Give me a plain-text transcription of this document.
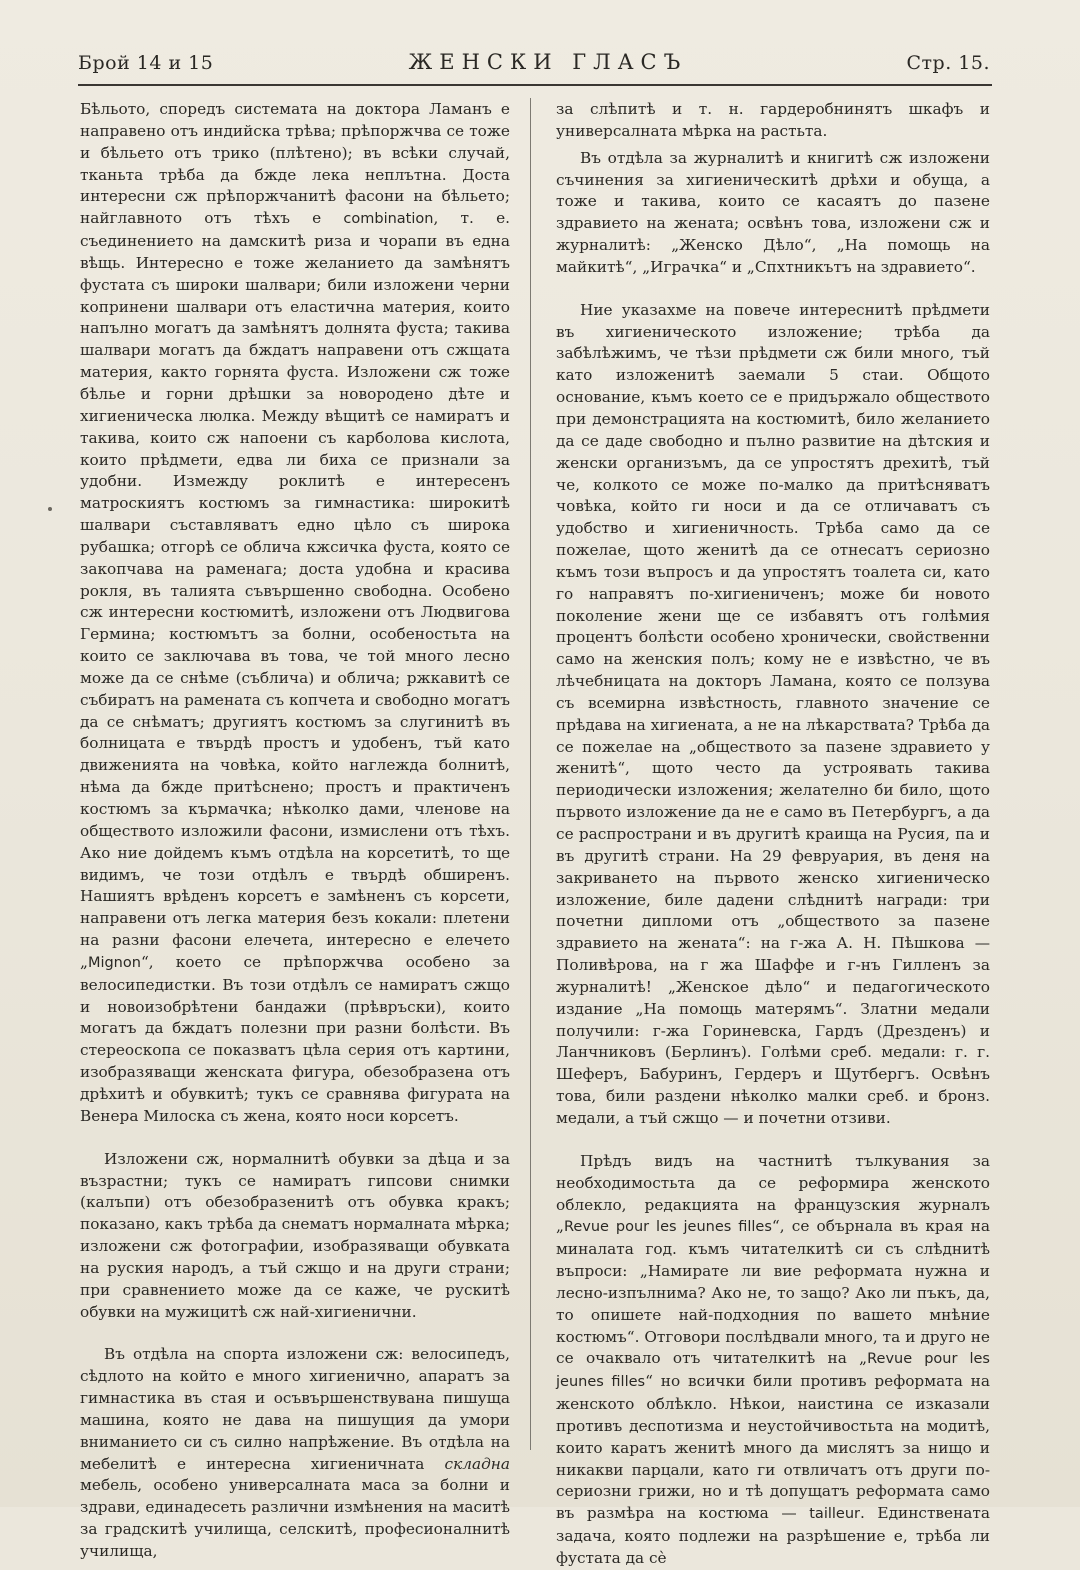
Брой 14 и 15	ЖЕНСКИ ГЛАСЪ	Стр. 15.

Бѣльото, споредъ системата на доктора Ламанъ е направено отъ индийска трѣва; прѣпоржчва се тоже и бѣльето отъ трико (плѣтено); въ всѣки случай, тканьта трѣба да бжде лека неплътна. Доста интересни сж прѣпоржчанитѣ фасони на бѣльето; найглавното отъ тѣхъ е combination, т. е. съединението на дамскитѣ риза и чорапи въ една вѣщь. Интересно е тоже желанието да замѣнятъ фустата съ широки шалвари; били изложени черни копринени шалвари отъ еластична материя, които напълно могатъ да замѣнятъ долнята фуста; такива шалвари могатъ да бждатъ направени отъ сжщата материя, както горнята фуста. Изложени сж тоже бѣлье и горни дрѣшки за новородено дѣте и хигиеническа люлка. Между вѣщитѣ се намиратъ и такива, които сж напоени съ карболова кислота, които прѣдмети, едва ли биха се признали за удобни. Измежду роклитѣ е интересенъ матроскиятъ костюмъ за гимнастика: широкитѣ шалвари съставляватъ едно цѣло съ широка рубашка; отгорѣ се облича кжсичка фуста, която се закопчава на раменага; доста удобна и красива рокля, въ талията съвършенно свободна. Особено сж интересни костюмитѣ, изложени отъ Людвигова Гермина; костюмътъ за болни, особеностьта на които се заключава въ това, че той много лесно може да се снѣме (съблича) и облича; ржкавитѣ се събиратъ на рамената съ копчета и свободно могатъ да се снѣматъ; другиятъ костюмъ за слугинитѣ въ болницата е твърдѣ простъ и удобенъ, тъй като движенията на човѣка, който наглежда болнитѣ, нѣма да бжде притѣснено; простъ и практиченъ костюмъ за кърмачка; нѣколко дами, членове на обществото изложили фасони, измислени отъ тѣхъ. Ако ние дойдемъ къмъ отдѣла на корсетитѣ, то ще видимъ, че този отдѣлъ е твърдѣ обширенъ. Нашиятъ врѣденъ корсетъ е замѣненъ съ корсети, направени отъ легка материя безъ кокали: плетени на разни фасони елечета, интересно е елечето „Mignon“, което се прѣпоржчва особено за велосипедистки. Въ този отдѣлъ се намиратъ сжщо и новоизобрѣтени бандажи (прѣвръски), които могатъ да бждатъ полезни при разни болѣсти. Въ стереоскопа се показватъ цѣла серия отъ картини, изобразяващи женската фигура, обезобразена отъ дрѣхитѣ и обувкитѣ; тукъ се сравнява фигурата на Венера Милоска съ жена, която носи корсетъ.

Изложени сж, нормалнитѣ обувки за дѣца и за възрастни; тукъ се намиратъ гипсови снимки (калъпи) отъ обезобразенитѣ отъ обувка кракъ; показано, какъ трѣба да снематъ нормалната мѣрка; изложени сж фотографии, изобразяващи обувката на руския народъ, а тъй сжщо и на други страни; при сравнението може да се каже, че рускитѣ обувки на мужицитѣ сж най-хигиенични.

Въ отдѣла на спорта изложени сж: велосипедъ, сѣдлото на който е много хигиенично, апаратъ за гимнастика въ стая и осъвършенствувана пишуща машина, която не дава на пишущия да умори вниманието си съ силно напрѣжение. Въ отдѣла на мебелитѣ е интересна хигиеничната складна мебель, особено универсалната маса за болни и здрави, единадесеть различни измѣнения на маситѣ за градскитѣ училища, селскитѣ, професионалнитѣ училища,

за слѣпитѣ и т. н. гардеробнинятъ шкафъ и универсалната мѣрка на растьта.

Въ отдѣла за журналитѣ и книгитѣ сж изложени съчинения за хигиеническитѣ дрѣхи и обуща, а тоже и такива, които се касаятъ до пазене здравието на жената; освѣнъ това, изложени сж и журналитѣ: „Женско Дѣло“, „На помощь на майкитѣ“, „Игрaчка“ и „Спхтникътъ на здравието“.

Ние указахме на повече интереснитѣ прѣдмети въ хигиеническото изложение; трѣба да забѣлѣжимъ, че тѣзи прѣдмети сж били много, тъй като изложенитѣ заемали 5 стаи. Общото основание, къмъ което се е придържало обществото при демонстрацията на костюмитѣ, било желанието да се даде свободно и пълно развитие на дѣтския и женски организъмъ, да се упростятъ дрехитѣ, тъй че, колкото се може по-малко да притѣсняватъ човѣка, който ги носи и да се отличаватъ съ удобство и хигиеничность. Трѣба само да се пожелае, щото женитѣ да се отнесатъ сериозно къмъ този въпросъ и да упростятъ тоалета си, като го направятъ по-хигиениченъ; може би новото поколение жени ще се избавятъ отъ голѣмия процентъ болѣсти особено хронически, свойственни само на женския полъ; кому не е извѣстно, че въ лѣчебницата на докторъ Ламана, която се ползува съ всемирна извѣстность, главното значение се прѣдава на хигиената, а не на лѣкарствата? Трѣба да се пожелае на „обществото за пазене здравието у женитѣ“, щото често да устроявать такива периодически изложения; желателно би било, щото първото изложение да не е само въ Петербургъ, а да се распространи и въ другитѣ краища на Русия, па и въ другитѣ страни. На 29 февруария, въ деня на закриването на първото женско хигиеническо изложение, биле дадени слѣднитѣ награди: три почетни дипломи отъ „обществото за пазене здравието на жената“: на г-жа А. Н. Пѣшкова — Поливѣрова, на г жа Шаффе и г-нъ Гилленъ за журналитѣ! „Женское дѣло“ и педагогическото издание „На помощь матерямъ“. Златни медали получили: г-жа Гориневска, Гардъ (Дрезденъ) и Ланчниковъ (Берлинъ). Голѣми среб. медали: г. г. Шеферъ, Бабуринъ, Гердеръ и Щутбергъ. Освѣнъ това, били раздени нѣколко малки среб. и бронз. медали, а тъй сжщо — и почетни отзиви.

Прѣдъ видъ на частнитѣ тълкувания за необходимостьта да се реформира женското облекло, редакцията на французския журналъ „Revue pour les jeunes filles“, се обърнала въ края на миналата год. къмъ читателкитѣ си съ слѣднитѣ въпроси: „Намирате ли вие реформата нужна и лесно-изпълнима? Ако не, то защо? Ако ли пъкъ, да, то опишете най-подходния по вашето мнѣние костюмъ“. Отговори послѣдвали много, та и друго не се очаквало отъ читателкитѣ на „Revue pour les jeunes filles“ но всички били противъ реформата на женското облѣкло. Нѣкои, наистина се изказали противъ деспотизма и неустойчивостьта на модитѣ, които каратъ женитѣ много да мислятъ за нищо и никакви парцали, като ги отвличатъ отъ други по-сериозни грижи, но и тѣ допущатъ реформата само въ размѣра на костюма — tailleur. Единствената задача, която подлежи на разрѣшение е, трѣба ли фустата да сѐ
